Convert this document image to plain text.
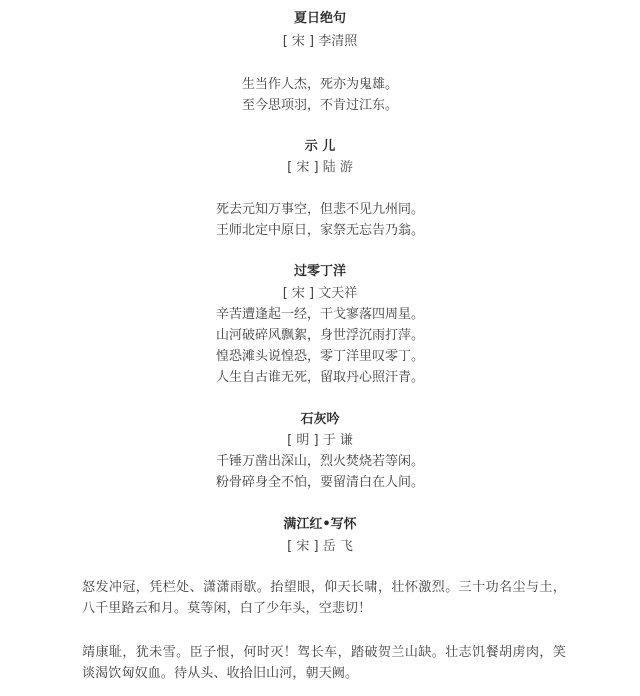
夏日绝句
[ 宋 ] 李清照
生当作人杰，死亦为鬼雄。
至今思项羽，不肯过江东。
示 儿
[ 宋 ] 陆 游
死去元知万事空，但悲不见九州同。
王师北定中原日，家祭无忘告乃翁。
过零丁洋
[ 宋 ] 文天祥
辛苦遭逢起一经，干戈寥落四周星。
山河破碎风飘絮，身世浮沉雨打萍。
惶恐滩头说惶恐，零丁洋里叹零丁。
人生自古谁无死，留取丹心照汗青。
石灰吟
[ 明 ] 于 谦
千锤万凿出深山，烈火焚烧若等闲。
粉骨碎身全不怕，要留清白在人间。
满江红•写怀
[ 宋 ] 岳 飞
怒发冲冠，凭栏处、潇潇雨歇。抬望眼，仰天长啸，壮怀激烈。三十功名尘与土，八千里路云和月。莫等闲，白了少年头，空悲切！
靖康耻，犹未雪。臣子恨，何时灭！驾长车，踏破贺兰山缺。壮志饥餐胡虏肉，笑谈渴饮匈奴血。待从头、收拾旧山河，朝天阙。
